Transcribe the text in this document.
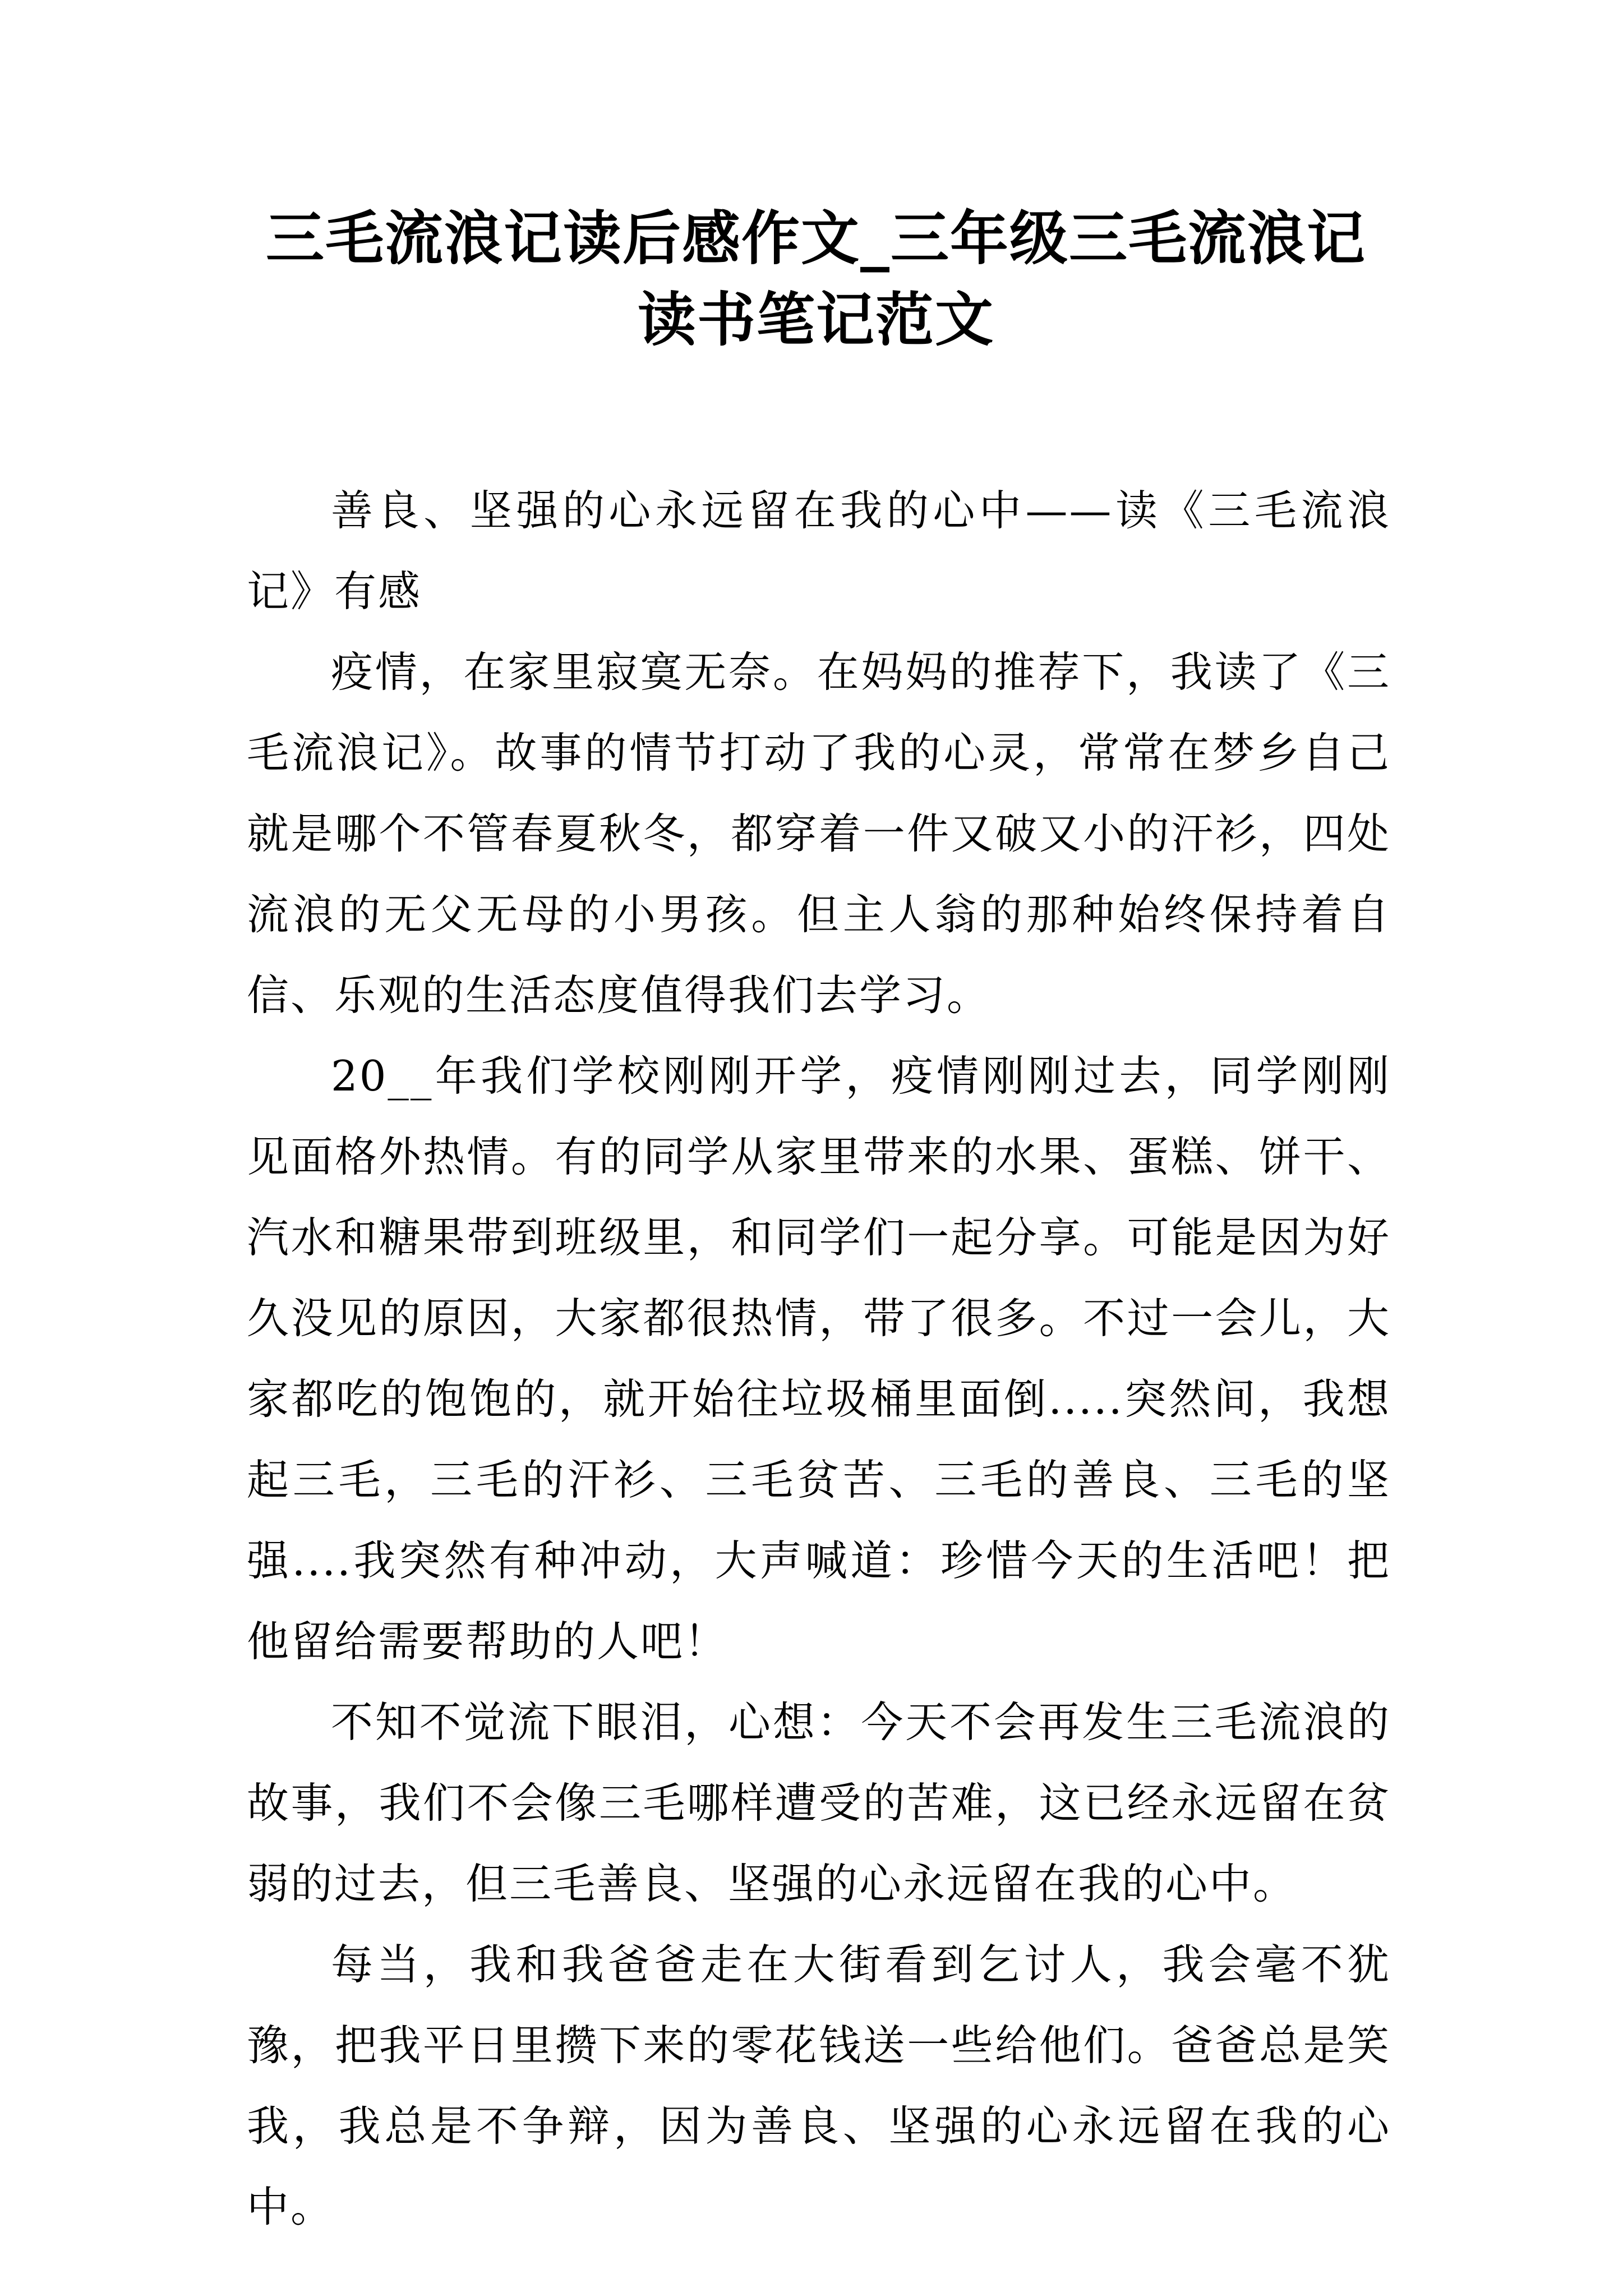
三毛流浪记读后感作文_三年级三毛流浪记
读书笔记范文

善良、坚强的心永远留在我的心中——读《三毛流浪记》有感

疫情，在家里寂寞无奈。在妈妈的推荐下，我读了《三毛流浪记》。故事的情节打动了我的心灵，常常在梦乡自己就是哪个不管春夏秋冬，都穿着一件又破又小的汗衫，四处流浪的无父无母的小男孩。但主人翁的那种始终保持着自信、乐观的生活态度值得我们去学习。

20__年我们学校刚刚开学，疫情刚刚过去，同学刚刚见面格外热情。有的同学从家里带来的水果、蛋糕、饼干、汽水和糖果带到班级里，和同学们一起分享。可能是因为好久没见的原因，大家都很热情，带了很多。不过一会儿，大家都吃的饱饱的，就开始往垃圾桶里面倒.....突然间，我想起三毛，三毛的汗衫、三毛贫苦、三毛的善良、三毛的坚强....我突然有种冲动，大声喊道：珍惜今天的生活吧！把他留给需要帮助的人吧！

不知不觉流下眼泪，心想：今天不会再发生三毛流浪的故事，我们不会像三毛哪样遭受的苦难，这已经永远留在贫弱的过去，但三毛善良、坚强的心永远留在我的心中。

每当，我和我爸爸走在大街看到乞讨人，我会毫不犹豫，把我平日里攒下来的零花钱送一些给他们。爸爸总是笑我，我总是不争辩，因为善良、坚强的心永远留在我的心中。
